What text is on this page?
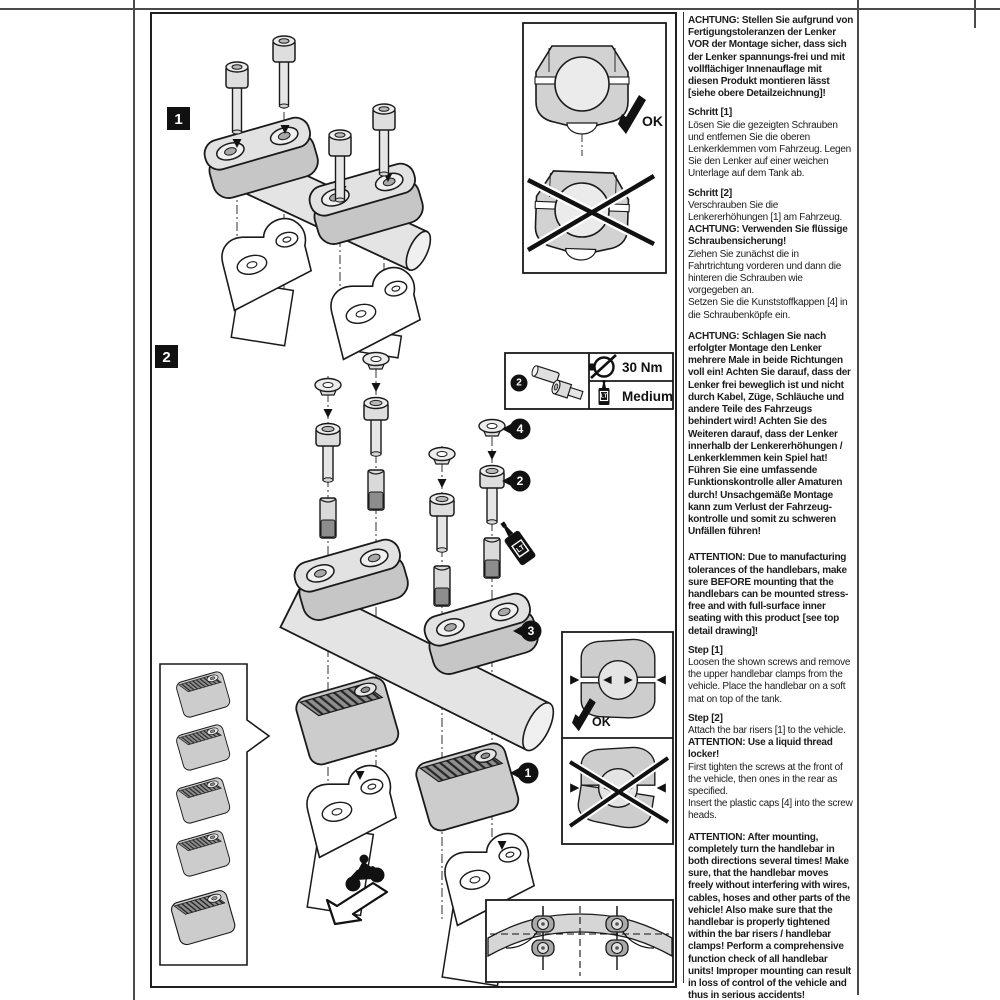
LT
4
2
3
1
OK
2
30 Nm
LT Medium
OK
1
2

ACHTUNG: Stellen Sie aufgrund von Fertigungstoleranzen der Lenker VOR der Montage sicher, dass sich der Lenker spannungs-frei und mit vollflächiger Innenauflage mit diesen Produkt montieren lässt [siehe obere Detailzeichnung]!

Schritt [1]

Lösen Sie die gezeigten Schrauben und entfernen Sie die oberen Lenkerklemmen vom Fahrzeug. Legen Sie den Lenker auf einer weichen Unterlage auf dem Tank ab.

Schritt [2]

Verschrauben Sie die Lenkererhöhungen [1] am Fahrzeug.

ACHTUNG: Verwenden Sie flüssige Schraubensicherung!

Ziehen Sie zunächst die in Fahrtrichtung vorderen und dann die hinteren die Schrauben wie vorgegeben an.

Setzen Sie die Kunststoffkappen [4] in die Schraubenköpfe ein.

ACHTUNG: Schlagen Sie nach erfolgter Montage den Lenker mehrere Male in beide Richtungen voll ein! Achten Sie darauf, dass der Lenker frei beweglich ist und nicht durch Kabel, Züge, Schläuche und andere Teile des Fahrzeugs behindert wird! Achten Sie des Weiteren darauf, dass der Lenker innerhalb der Lenkererhöhungen / Lenkerklemmen kein Spiel hat! Führen Sie eine umfassende Funktionskontrolle aller Amaturen durch! Unsachgemäße Montage kann zum Verlust der Fahrzeug-kontrolle und somit zu schweren Unfällen führen!

ATTENTION: Due to manufacturing tolerances of the handlebars, make sure BEFORE mounting that the handlebars can be mounted stress-free and with full-surface inner seating with this product [see top detail drawing]!

Step [1]

Loosen the shown screws and remove the upper handlebar clamps from the vehicle. Place the handlebar on a soft mat on top of the tank.

Step [2]

Attach the bar risers [1] to the vehicle.

ATTENTION: Use a liquid thread locker!

First tighten the screws at the front of the vehicle, then ones in the rear as specified.

Insert the plastic caps [4] into the screw heads.

ATTENTION: After mounting, completely turn the handlebar in both directions several times! Make sure, that the handlebar moves freely without interfering with wires, cables, hoses and other parts of the vehicle! Also make sure that the handlebar is properly tightened within the bar risers / handlebar clamps! Perform a comprehensive function check of all handlebar units! Improper mounting can result in loss of control of the vehicle and thus in serious accidents!
